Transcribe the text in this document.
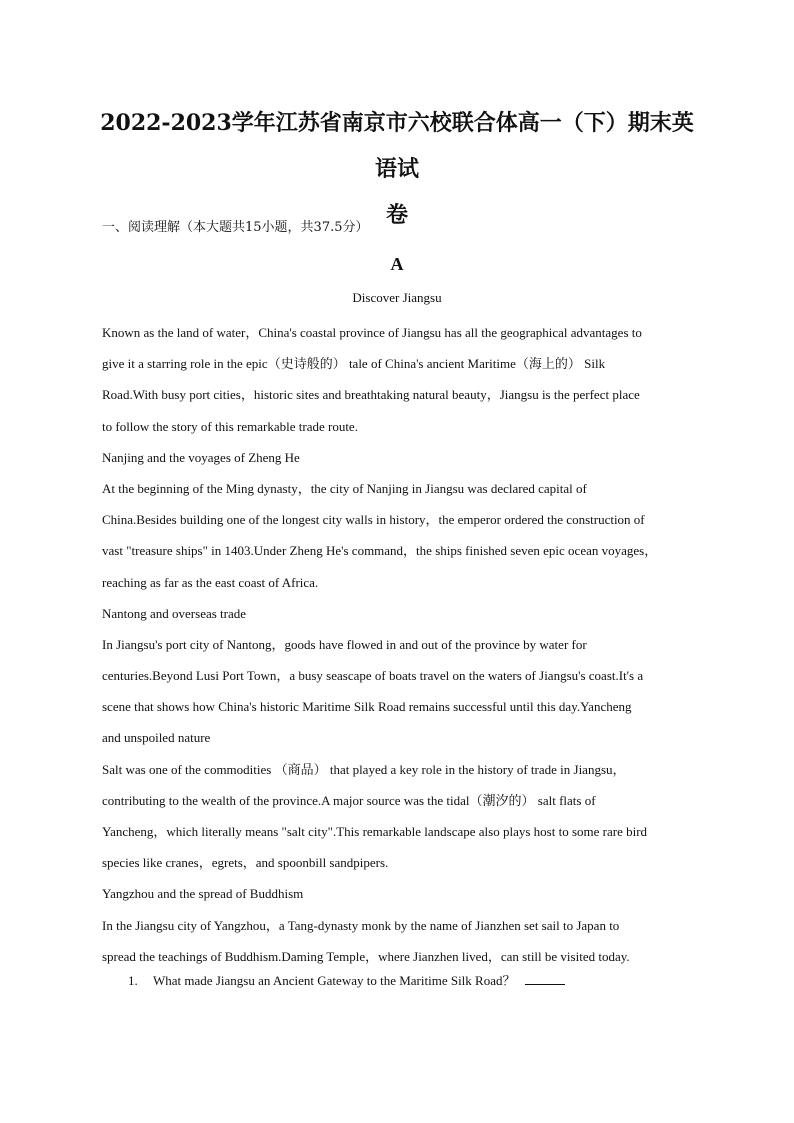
2022-2023学年江苏省南京市六校联合体高一（下）期末英语试
卷
一、阅读理解（本大题共15小题，共37.5分）
A
Discover Jiangsu
Known as the land of water，China's coastal province of Jiangsu has all the geographical advantages to
give it a starring role in the epic（史诗般的） tale of China's ancient Maritime（海上的） Silk
Road.With busy port cities，historic sites and breathtaking natural beauty，Jiangsu is the perfect place
to follow the story of this remarkable trade route.
Nanjing and the voyages of Zheng He
At the beginning of the Ming dynasty，the city of Nanjing in Jiangsu was declared capital of
China.Besides building one of the longest city walls in history，the emperor ordered the construction of
vast "treasure ships" in 1403.Under Zheng He's command，the ships finished seven epic ocean voyages，
reaching as far as the east coast of Africa.
Nantong and overseas trade
In Jiangsu's port city of Nantong，goods have flowed in and out of the province by water for
centuries.Beyond Lusi Port Town，a busy seascape of boats travel on the waters of Jiangsu's coast.It's a
scene that shows how China's historic Maritime Silk Road remains successful until this day.Yancheng
and unspoiled nature
Salt was one of the commodities （商品） that played a key role in the history of trade in Jiangsu，
contributing to the wealth of the province.A major source was the tidal（潮汐的） salt flats of
Yancheng，which literally means "salt city".This remarkable landscape also plays host to some rare bird
species like cranes，egrets，and spoonbill sandpipers.
Yangzhou and the spread of Buddhism
In the Jiangsu city of Yangzhou，a Tang-dynasty monk by the name of Jianzhen set sail to Japan to
spread the teachings of Buddhism.Daming Temple，where Jianzhen lived，can still be visited today.
1. What made Jiangsu an Ancient Gateway to the Maritime Silk Road？
